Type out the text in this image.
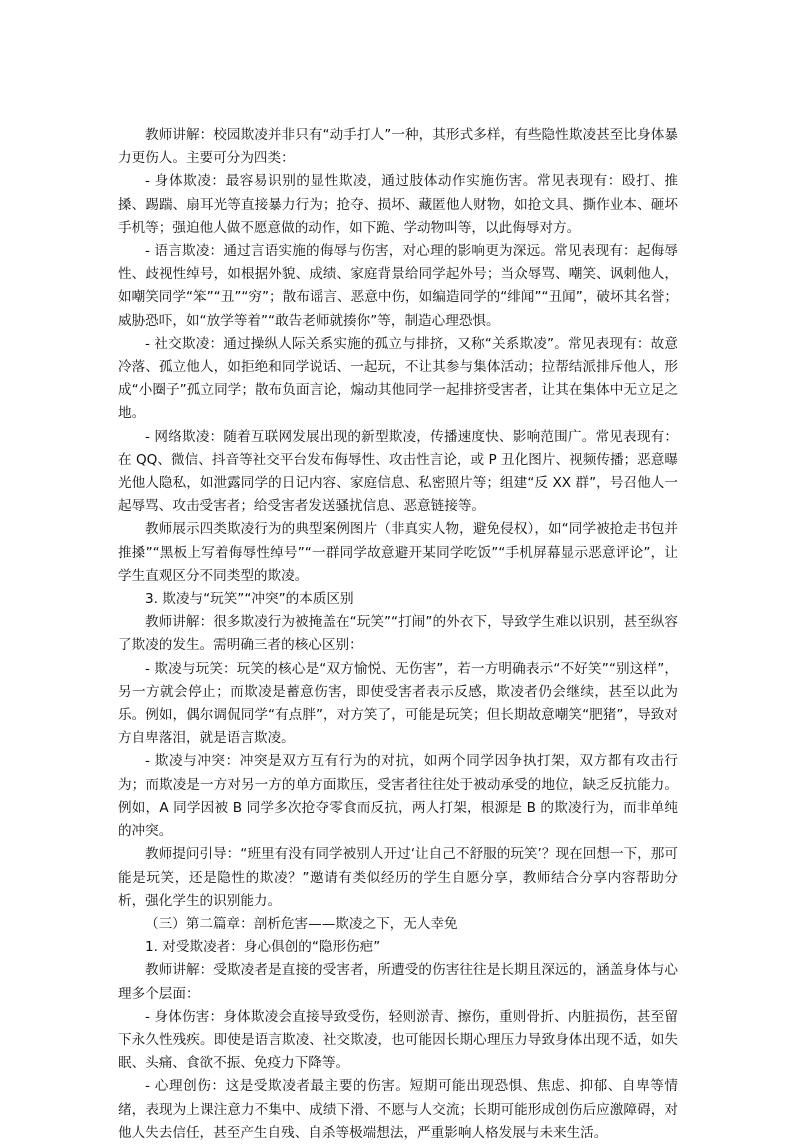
教师讲解：校园欺凌并非只有“动手打人”一种，其形式多样，有些隐性欺凌甚至比身体暴力更伤人。主要可分为四类：

- 身体欺凌：最容易识别的显性欺凌，通过肢体动作实施伤害。常见表现有：殴打、推搡、踢踹、扇耳光等直接暴力行为；抢夺、损坏、藏匿他人财物，如抢文具、撕作业本、砸坏手机等；强迫他人做不愿意做的动作，如下跪、学动物叫等，以此侮辱对方。

- 语言欺凌：通过言语实施的侮辱与伤害，对心理的影响更为深远。常见表现有：起侮辱性、歧视性绰号，如根据外貌、成绩、家庭背景给同学起外号；当众辱骂、嘲笑、讽刺他人，如嘲笑同学“笨”“丑”“穷”；散布谣言、恶意中伤，如编造同学的“绯闻”“丑闻”，破坏其名誉；威胁恐吓，如“放学等着”“敢告老师就揍你”等，制造心理恐惧。

- 社交欺凌：通过操纵人际关系实施的孤立与排挤，又称“关系欺凌”。常见表现有：故意冷落、孤立他人，如拒绝和同学说话、一起玩，不让其参与集体活动；拉帮结派排斥他人，形成“小圈子”孤立同学；散布负面言论，煽动其他同学一起排挤受害者，让其在集体中无立足之地。

- 网络欺凌：随着互联网发展出现的新型欺凌，传播速度快、影响范围广。常见表现有：在 QQ、微信、抖音等社交平台发布侮辱性、攻击性言论，或 P 丑化图片、视频传播；恶意曝光他人隐私，如泄露同学的日记内容、家庭信息、私密照片等；组建“反 XX 群”，号召他人一起辱骂、攻击受害者；给受害者发送骚扰信息、恶意链接等。

教师展示四类欺凌行为的典型案例图片（非真实人物，避免侵权），如“同学被抢走书包并推搡”“黑板上写着侮辱性绰号”“一群同学故意避开某同学吃饭”“手机屏幕显示恶意评论”，让学生直观区分不同类型的欺凌。

3. 欺凌与“玩笑”“冲突”的本质区别

教师讲解：很多欺凌行为被掩盖在“玩笑”“打闹”的外衣下，导致学生难以识别，甚至纵容了欺凌的发生。需明确三者的核心区别：

- 欺凌与玩笑：玩笑的核心是“双方愉悦、无伤害”，若一方明确表示“不好笑”“别这样”，另一方就会停止；而欺凌是蓄意伤害，即使受害者表示反感，欺凌者仍会继续，甚至以此为乐。例如，偶尔调侃同学“有点胖”，对方笑了，可能是玩笑；但长期故意嘲笑“肥猪”，导致对方自卑落泪，就是语言欺凌。

- 欺凌与冲突：冲突是双方互有行为的对抗，如两个同学因争执打架，双方都有攻击行为；而欺凌是一方对另一方的单方面欺压，受害者往往处于被动承受的地位，缺乏反抗能力。例如，A 同学因被 B 同学多次抢夺零食而反抗，两人打架，根源是 B 的欺凌行为，而非单纯的冲突。

教师提问引导：“班里有没有同学被别人开过‘让自己不舒服的玩笑’？现在回想一下，那可能是玩笑，还是隐性的欺凌？”邀请有类似经历的学生自愿分享，教师结合分享内容帮助分析，强化学生的识别能力。

（三）第二篇章：剖析危害——欺凌之下，无人幸免

1. 对受欺凌者：身心俱创的“隐形伤疤”

教师讲解：受欺凌者是直接的受害者，所遭受的伤害往往是长期且深远的，涵盖身体与心理多个层面：

- 身体伤害：身体欺凌会直接导致受伤，轻则淤青、擦伤，重则骨折、内脏损伤，甚至留下永久性残疾。即使是语言欺凌、社交欺凌，也可能因长期心理压力导致身体出现不适，如失眠、头痛、食欲不振、免疫力下降等。

- 心理创伤：这是受欺凌者最主要的伤害。短期可能出现恐惧、焦虑、抑郁、自卑等情绪，表现为上课注意力不集中、成绩下滑、不愿与人交流；长期可能形成创伤后应激障碍，对他人失去信任，甚至产生自残、自杀等极端想法，严重影响人格发展与未来生活。
